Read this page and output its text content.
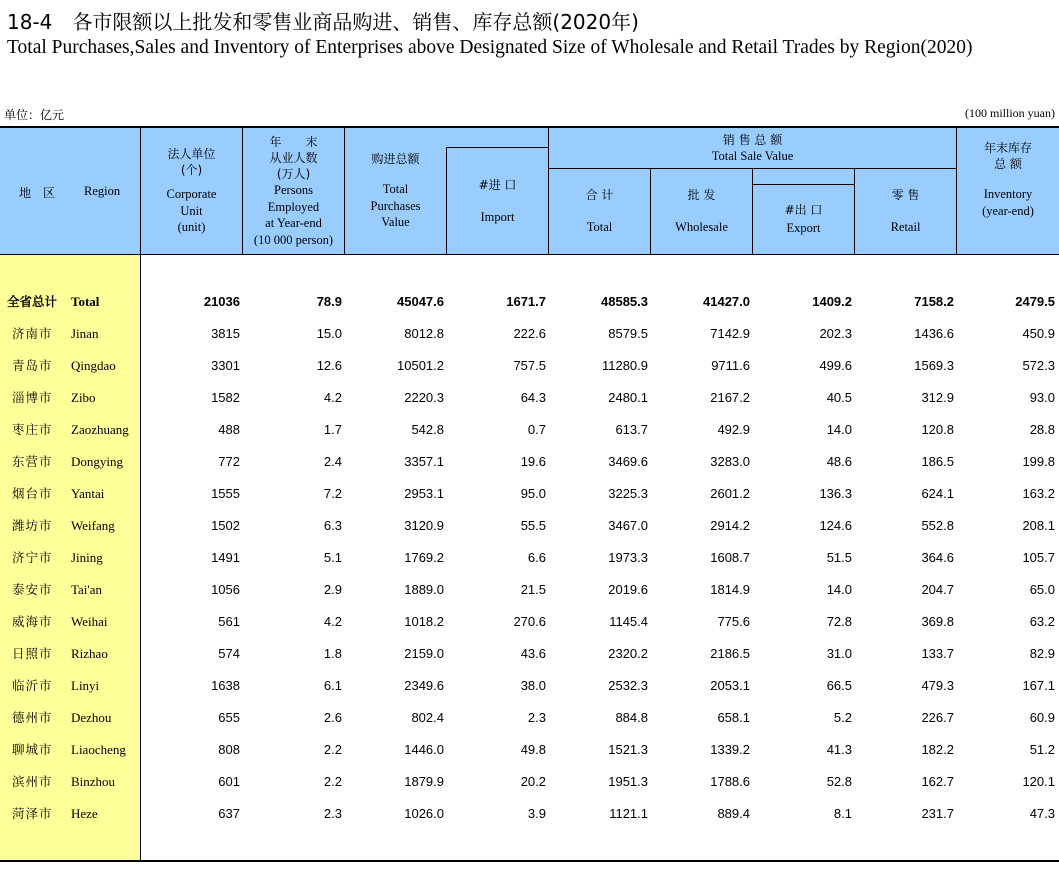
18-4　各市限额以上批发和零售业商品购进、销售、库存总额(2020年)
Total Purchases,Sales and Inventory of Enterprises above Designated Size of Wholesale and Retail Trades by Region(2020)
单位：亿元	(100 million yuan)
地　区 Region
法人单位
(个)
Corporate
Unit
(unit)
年　　末
从业人数
(万人)
Persons
Employed
at Year-end
(10 000 person)
购进总额
Total
Purchases
Value
#进 口
Import
销 售 总 额
Total Sale Value
合 计
Total
批 发
Wholesale
#出 口
Export
零 售
Retail
年末库存
总 额
Inventory
(year-end)
全省总计 Total	21036	78.9	45047.6	1671.7	48585.3	41427.0	1409.2	7158.2	2479.5
济南市 Jinan	3815	15.0	8012.8	222.6	8579.5	7142.9	202.3	1436.6	450.9
青岛市 Qingdao	3301	12.6	10501.2	757.5	11280.9	9711.6	499.6	1569.3	572.3
淄博市 Zibo	1582	4.2	2220.3	64.3	2480.1	2167.2	40.5	312.9	93.0
枣庄市 Zaozhuang	488	1.7	542.8	0.7	613.7	492.9	14.0	120.8	28.8
东营市 Dongying	772	2.4	3357.1	19.6	3469.6	3283.0	48.6	186.5	199.8
烟台市 Yantai	1555	7.2	2953.1	95.0	3225.3	2601.2	136.3	624.1	163.2
潍坊市 Weifang	1502	6.3	3120.9	55.5	3467.0	2914.2	124.6	552.8	208.1
济宁市 Jining	1491	5.1	1769.2	6.6	1973.3	1608.7	51.5	364.6	105.7
泰安市 Tai'an	1056	2.9	1889.0	21.5	2019.6	1814.9	14.0	204.7	65.0
威海市 Weihai	561	4.2	1018.2	270.6	1145.4	775.6	72.8	369.8	63.2
日照市 Rizhao	574	1.8	2159.0	43.6	2320.2	2186.5	31.0	133.7	82.9
临沂市 Linyi	1638	6.1	2349.6	38.0	2532.3	2053.1	66.5	479.3	167.1
德州市 Dezhou	655	2.6	802.4	2.3	884.8	658.1	5.2	226.7	60.9
聊城市 Liaocheng	808	2.2	1446.0	49.8	1521.3	1339.2	41.3	182.2	51.2
滨州市 Binzhou	601	2.2	1879.9	20.2	1951.3	1788.6	52.8	162.7	120.1
菏泽市 Heze	637	2.3	1026.0	3.9	1121.1	889.4	8.1	231.7	47.3
